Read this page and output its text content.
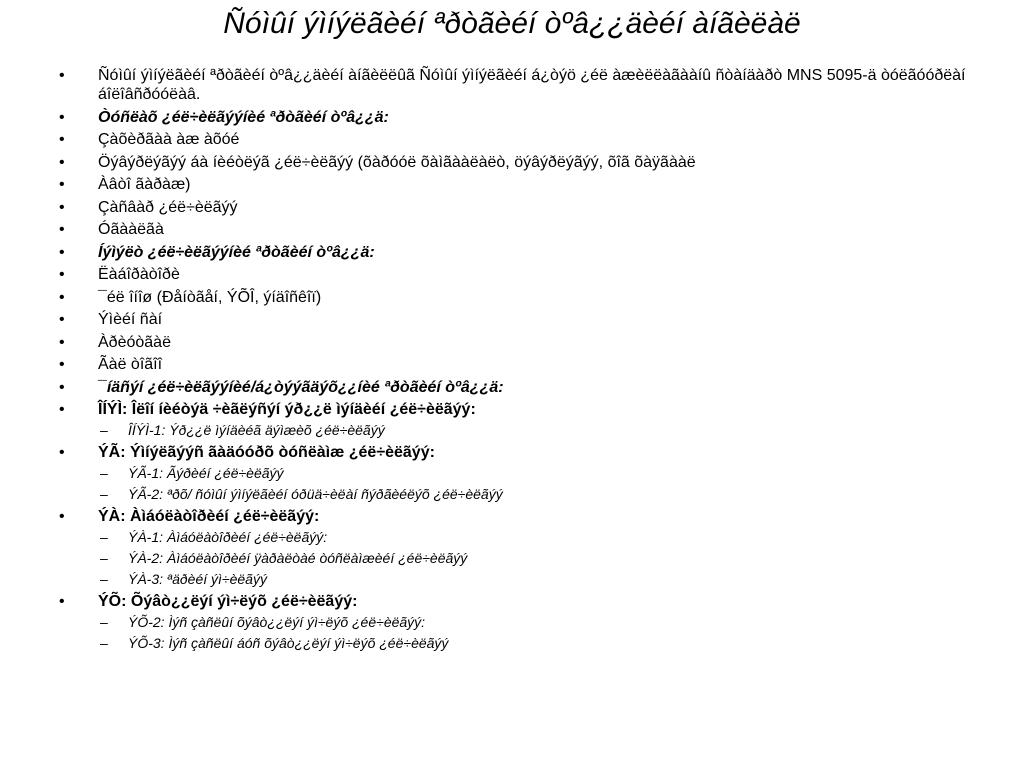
Ñóìûí ýìíýëãèéí ªðòãèéí òºâ¿¿äèéí àíãèëàë
•	Ñóìûí ýìíýëãèéí ªðòãèéí òºâ¿¿äèéí àíãèëëûã Ñóìûí ýìíýëãèéí á¿òýö ¿éë àæèëëàãààíû ñòàíäàðò MNS 5095-ä òóëãóóðëàí áîëîâñðóóëàâ.
•	Òóñëàõ ¿éë÷èëãýýíèé ªðòãèéí òºâ¿¿ä:
•	Çàõèðãàà àæ àõóé
•	Öýâýðëýãýý áà íèéòëýã ¿éë÷èëãýý (õàðóóë õàìãààëàëò, öýâýðëýãýý, õîã õàÿãààë
•	Àâòî ãàðàæ)
•	Çàñâàð ¿éë÷èëãýý
•	Óãààëãà
•	Íýìýëò ¿éë÷èëãýýíèé ªðòãèéí òºâ¿¿ä:
•	Ëàáîðàòîðè
•	¯éë îíîø (Ðåíòãåí, ÝÕÎ, ýíäîñêîï)
•	Ýìèéí ñàí
•	Àðèóòãàë
•	Ãàë òîãîî
•	¯íäñýí ¿éë÷èëãýýíèé/á¿òýýãäýõ¿¿íèé ªðòãèéí òºâ¿¿ä:
•	ÎÍÝÌ: Îëîí íèéòýä ÷èãëýñýí ýð¿¿ë ìýíäèéí ¿éë÷èëãýý:
– ÎÍÝÌ-1: Ýð¿¿ë ìýíäèéã äýìæèõ ¿éë÷èëãýý
•	ÝÃ: Ýìíýëãýýñ ãàäóóðõ òóñëàìæ ¿éë÷èëãýý:
– ÝÃ-1: Ãýðèéí ¿éë÷èëãýý
– ÝÃ-2: ªðõ/ ñóìûí ýìíýëãèéí óðüä÷èëàí ñýðãèéëýõ ¿éë÷èëãýý
•	ÝÀ: Àìáóëàòîðèéí ¿éë÷èëãýý:
– ÝÀ-1: Àìáóëàòîðèéí ¿éë÷èëãýý:
– ÝÀ-2: Àìáóëàòîðèéí ÿàðàëòàé òóñëàìæèéí ¿éë÷èëãýý
– ÝÀ-3: ªäðèéí ýì÷èëãýý
•	ÝÕ: Õýâò¿¿ëýí ýì÷ëýõ ¿éë÷èëãýý:
– ÝÕ-2: Ìýñ çàñëûí õýâò¿¿ëýí ýì÷ëýõ ¿éë÷èëãýý:
– ÝÕ-3: Ìýñ çàñëûí áóñ õýâò¿¿ëýí ýì÷ëýõ ¿éë÷èëãýý
